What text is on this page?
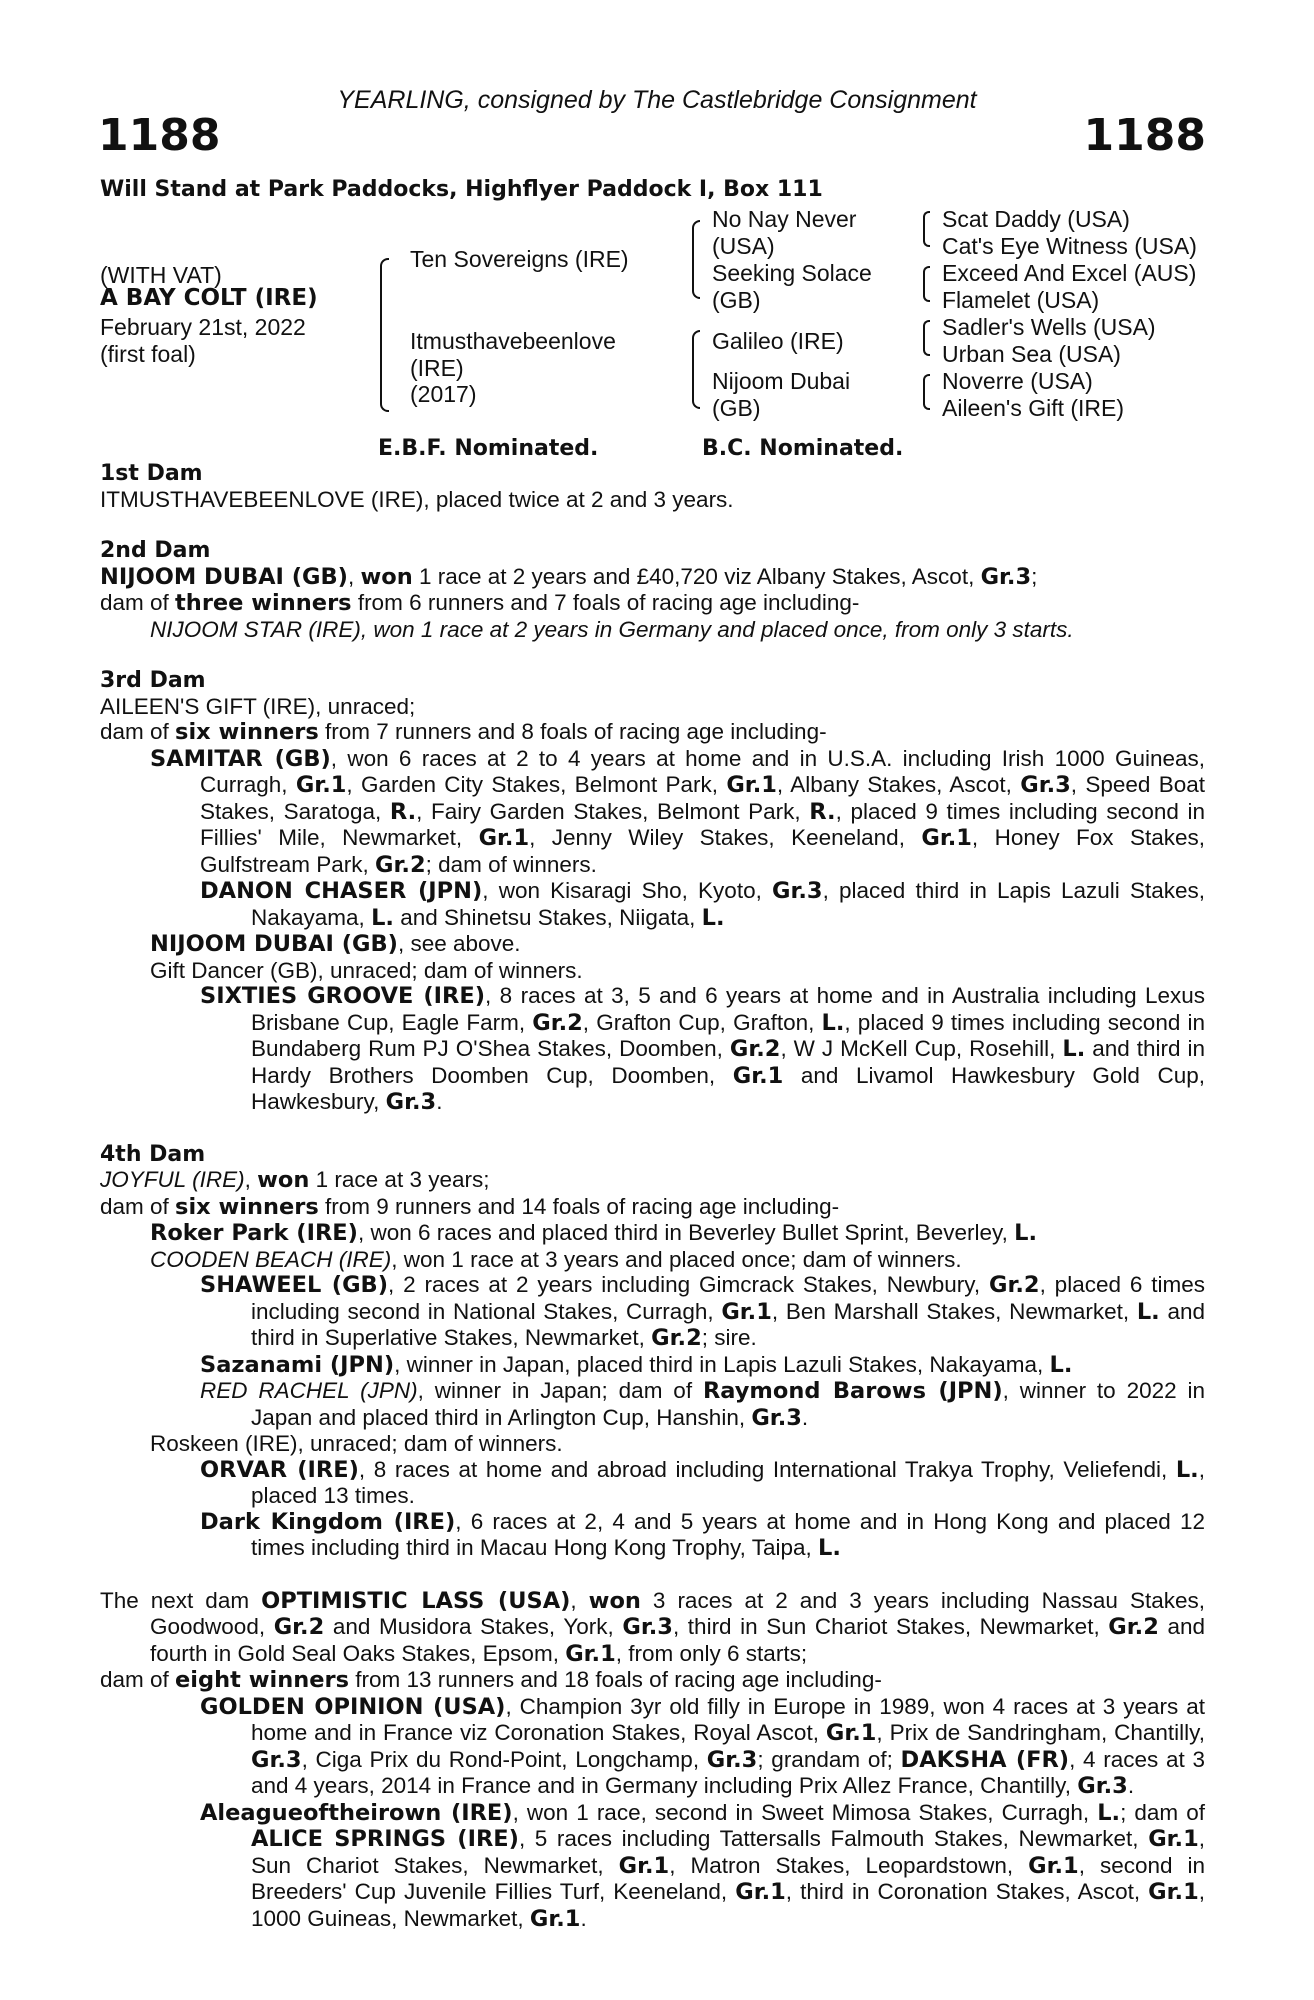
YEARLING, consigned by The Castlebridge Consignment
1188	1188
Will Stand at Park Paddocks, Highflyer Paddock I, Box 111
(WITH VAT)
A BAY COLT (IRE)
February 21st, 2022
(first foal)
Ten Sovereigns (IRE)
Itmusthavebeenlove
(IRE)
(2017)
No Nay Never
(USA)
Seeking Solace
(GB)
Galileo (IRE)
Nijoom Dubai
(GB)
Scat Daddy (USA)
Cat's Eye Witness (USA)
Exceed And Excel (AUS)
Flamelet (USA)
Sadler's Wells (USA)
Urban Sea (USA)
Noverre (USA)
Aileen's Gift (IRE)
E.B.F. Nominated.	B.C. Nominated.

1st Dam

ITMUSTHAVEBEENLOVE (IRE), placed twice at 2 and 3 years.

2nd Dam

NIJOOM DUBAI (GB), won 1 race at 2 years and £40,720 viz Albany Stakes, Ascot, Gr.3;

dam of three winners from 6 runners and 7 foals of racing age including-

NIJOOM STAR (IRE), won 1 race at 2 years in Germany and placed once, from only 3 starts.

3rd Dam

AILEEN'S GIFT (IRE), unraced;

dam of six winners from 7 runners and 8 foals of racing age including-

SAMITAR (GB), won 6 races at 2 to 4 years at home and in U.S.A. including Irish 1000 Guineas, Curragh, Gr.1, Garden City Stakes, Belmont Park, Gr.1, Albany Stakes, Ascot, Gr.3, Speed Boat Stakes, Saratoga, R., Fairy Garden Stakes, Belmont Park, R., placed 9 times including second in Fillies' Mile, Newmarket, Gr.1, Jenny Wiley Stakes, Keeneland, Gr.1, Honey Fox Stakes, Gulfstream Park, Gr.2; dam of winners.

DANON CHASER (JPN), won Kisaragi Sho, Kyoto, Gr.3, placed third in Lapis Lazuli Stakes, Nakayama, L. and Shinetsu Stakes, Niigata, L.

NIJOOM DUBAI (GB), see above.

Gift Dancer (GB), unraced; dam of winners.

SIXTIES GROOVE (IRE), 8 races at 3, 5 and 6 years at home and in Australia including Lexus Brisbane Cup, Eagle Farm, Gr.2, Grafton Cup, Grafton, L., placed 9 times including second in Bundaberg Rum PJ O'Shea Stakes, Doomben, Gr.2, W J McKell Cup, Rosehill, L. and third in Hardy Brothers Doomben Cup, Doomben, Gr.1 and Livamol Hawkesbury Gold Cup, Hawkesbury, Gr.3.

4th Dam

JOYFUL (IRE), won 1 race at 3 years;

dam of six winners from 9 runners and 14 foals of racing age including-

Roker Park (IRE), won 6 races and placed third in Beverley Bullet Sprint, Beverley, L.

COODEN BEACH (IRE), won 1 race at 3 years and placed once; dam of winners.

SHAWEEL (GB), 2 races at 2 years including Gimcrack Stakes, Newbury, Gr.2, placed 6 times including second in National Stakes, Curragh, Gr.1, Ben Marshall Stakes, Newmarket, L. and third in Superlative Stakes, Newmarket, Gr.2; sire.

Sazanami (JPN), winner in Japan, placed third in Lapis Lazuli Stakes, Nakayama, L.

RED RACHEL (JPN), winner in Japan; dam of Raymond Barows (JPN), winner to 2022 in Japan and placed third in Arlington Cup, Hanshin, Gr.3.

Roskeen (IRE), unraced; dam of winners.

ORVAR (IRE), 8 races at home and abroad including International Trakya Trophy, Veliefendi, L., placed 13 times.

Dark Kingdom (IRE), 6 races at 2, 4 and 5 years at home and in Hong Kong and placed 12 times including third in Macau Hong Kong Trophy, Taipa, L.

The next dam OPTIMISTIC LASS (USA), won 3 races at 2 and 3 years including Nassau Stakes, Goodwood, Gr.2 and Musidora Stakes, York, Gr.3, third in Sun Chariot Stakes, Newmarket, Gr.2 and fourth in Gold Seal Oaks Stakes, Epsom, Gr.1, from only 6 starts;

dam of eight winners from 13 runners and 18 foals of racing age including-

GOLDEN OPINION (USA), Champion 3yr old filly in Europe in 1989, won 4 races at 3 years at home and in France viz Coronation Stakes, Royal Ascot, Gr.1, Prix de Sandringham, Chantilly, Gr.3, Ciga Prix du Rond-Point, Longchamp, Gr.3; grandam of; DAKSHA (FR), 4 races at 3 and 4 years, 2014 in France and in Germany including Prix Allez France, Chantilly, Gr.3.

Aleagueoftheirown (IRE), won 1 race, second in Sweet Mimosa Stakes, Curragh, L.; dam of ALICE SPRINGS (IRE), 5 races including Tattersalls Falmouth Stakes, Newmarket, Gr.1, Sun Chariot Stakes, Newmarket, Gr.1, Matron Stakes, Leopardstown, Gr.1, second in Breeders' Cup Juvenile Fillies Turf, Keeneland, Gr.1, third in Coronation Stakes, Ascot, Gr.1, 1000 Guineas, Newmarket, Gr.1.
